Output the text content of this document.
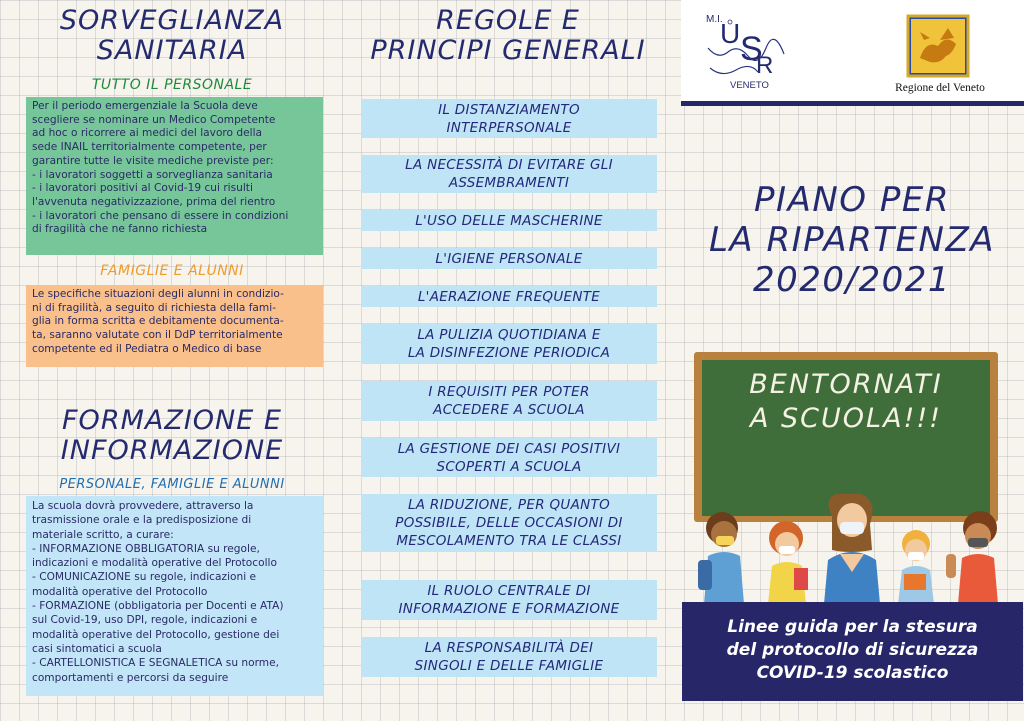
SORVEGLIANZA
SANITARIA
TUTTO IL PERSONALE
Per il periodo emergenziale la Scuola deve
scegliere se nominare un Medico Competente
ad hoc o ricorrere ai medici del lavoro della
sede INAIL territorialmente competente, per
garantire tutte le visite mediche previste per:
- i lavoratori soggetti a sorveglianza sanitaria
- i lavoratori positivi al Covid-19 cui risulti
l'avvenuta negativizzazione, prima del rientro
- i lavoratori che pensano di essere in condizioni
di fragilità che ne fanno richiesta
FAMIGLIE E ALUNNI
Le specifiche situazioni degli alunni in condizio-
ni di fragilità, a seguito di richiesta della fami-
glia in forma scritta e debitamente documenta-
ta, saranno valutate con il DdP territorialmente
competente ed il Pediatra o Medico di base
FORMAZIONE E
INFORMAZIONE
PERSONALE, FAMIGLIE E ALUNNI
La scuola dovrà provvedere, attraverso la
trasmissione orale e la predisposizione di
materiale scritto, a curare:
- INFORMAZIONE OBBLIGATORIA su regole,
indicazioni e modalità operative del Protocollo
- COMUNICAZIONE su regole, indicazioni e
modalità operative del Protocollo
- FORMAZIONE (obbligatoria per Docenti e ATA)
sul Covid-19, uso DPI, regole, indicazioni e
modalità operative del Protocollo, gestione dei
casi sintomatici a scuola
- CARTELLONISTICA E SEGNALETICA su norme,
comportamenti e percorsi da seguire
REGOLE E
PRINCIPI GENERALI
IL DISTANZIAMENTO
INTERPERSONALE
LA NECESSITÀ DI EVITARE GLI
ASSEMBRAMENTI
L'USO DELLE MASCHERINE
L'IGIENE PERSONALE
L'AERAZIONE FREQUENTE
LA PULIZIA QUOTIDIANA E
LA DISINFEZIONE PERIODICA
I REQUISITI PER POTER
ACCEDERE A SCUOLA
LA GESTIONE DEI CASI POSITIVI
SCOPERTI A SCUOLA
LA RIDUZIONE, PER QUANTO
POSSIBILE, DELLE OCCASIONI DI
MESCOLAMENTO TRA LE CLASSI
IL RUOLO CENTRALE DI
INFORMAZIONE E FORMAZIONE
LA RESPONSABILITÀ DEI
SINGOLI E DELLE FAMIGLIE
M.I.
U S
R
VENETO	Regione del Veneto
PIANO PER
LA RIPARTENZA
2020/2021
BENTORNATI
A SCUOLA!!!
Linee guida per la stesura
del protocollo di sicurezza
COVID-19 scolastico
